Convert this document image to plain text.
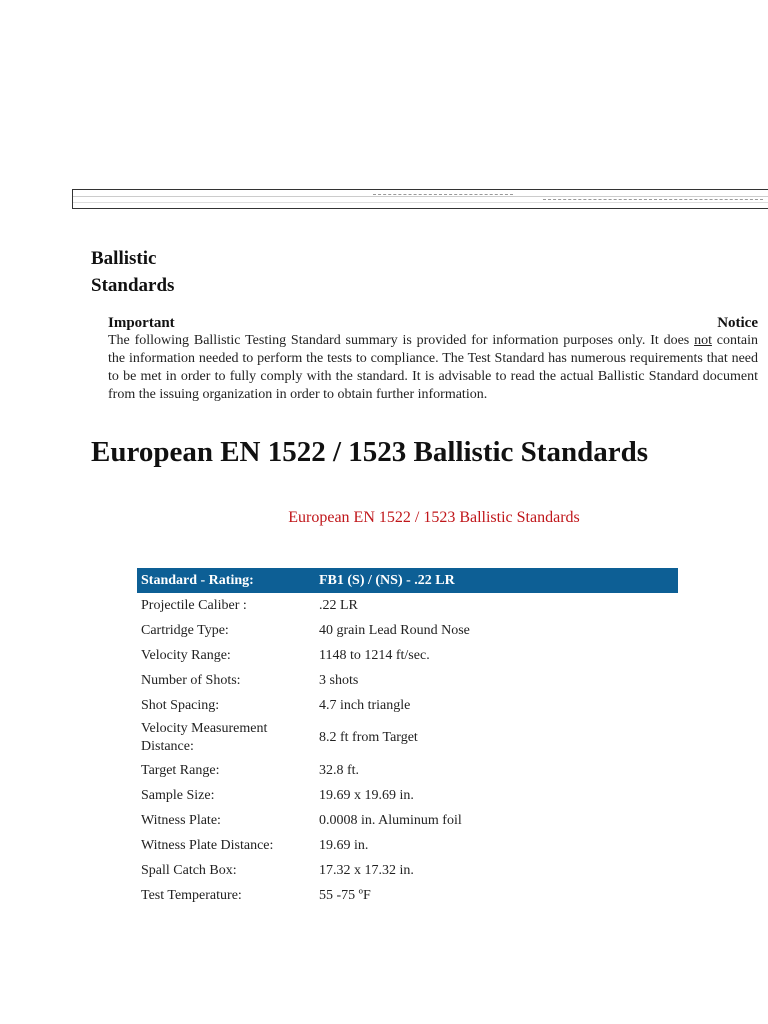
Ballistic
Standards
Important	Notice

The following Ballistic Testing Standard summary is provided for information purposes only. It does not contain the information needed to perform the tests to compliance. The Test Standard has numerous requirements that need to be met in order to fully comply with the standard. It is advisable to read the actual Ballistic Standard document from the issuing organization in order to obtain further information.

European EN 1522 / 1523 Ballistic Standards
European EN 1522 / 1523 Ballistic Standards
Standard - Rating:	FB1 (S) / (NS) - .22 LR
Projectile Caliber :	.22 LR
Cartridge Type:	40 grain Lead Round Nose
Velocity Range:	1148 to 1214 ft/sec.
Number of Shots:	3 shots
Shot Spacing:	4.7 inch triangle
Velocity Measurement Distance:	8.2 ft from Target
Target Range:	32.8 ft.
Sample Size:	19.69 x 19.69 in.
Witness Plate:	0.0008 in. Aluminum foil
Witness Plate Distance:	19.69 in.
Spall Catch Box:	17.32 x 17.32 in.
Test Temperature:	55 -75 ºF
